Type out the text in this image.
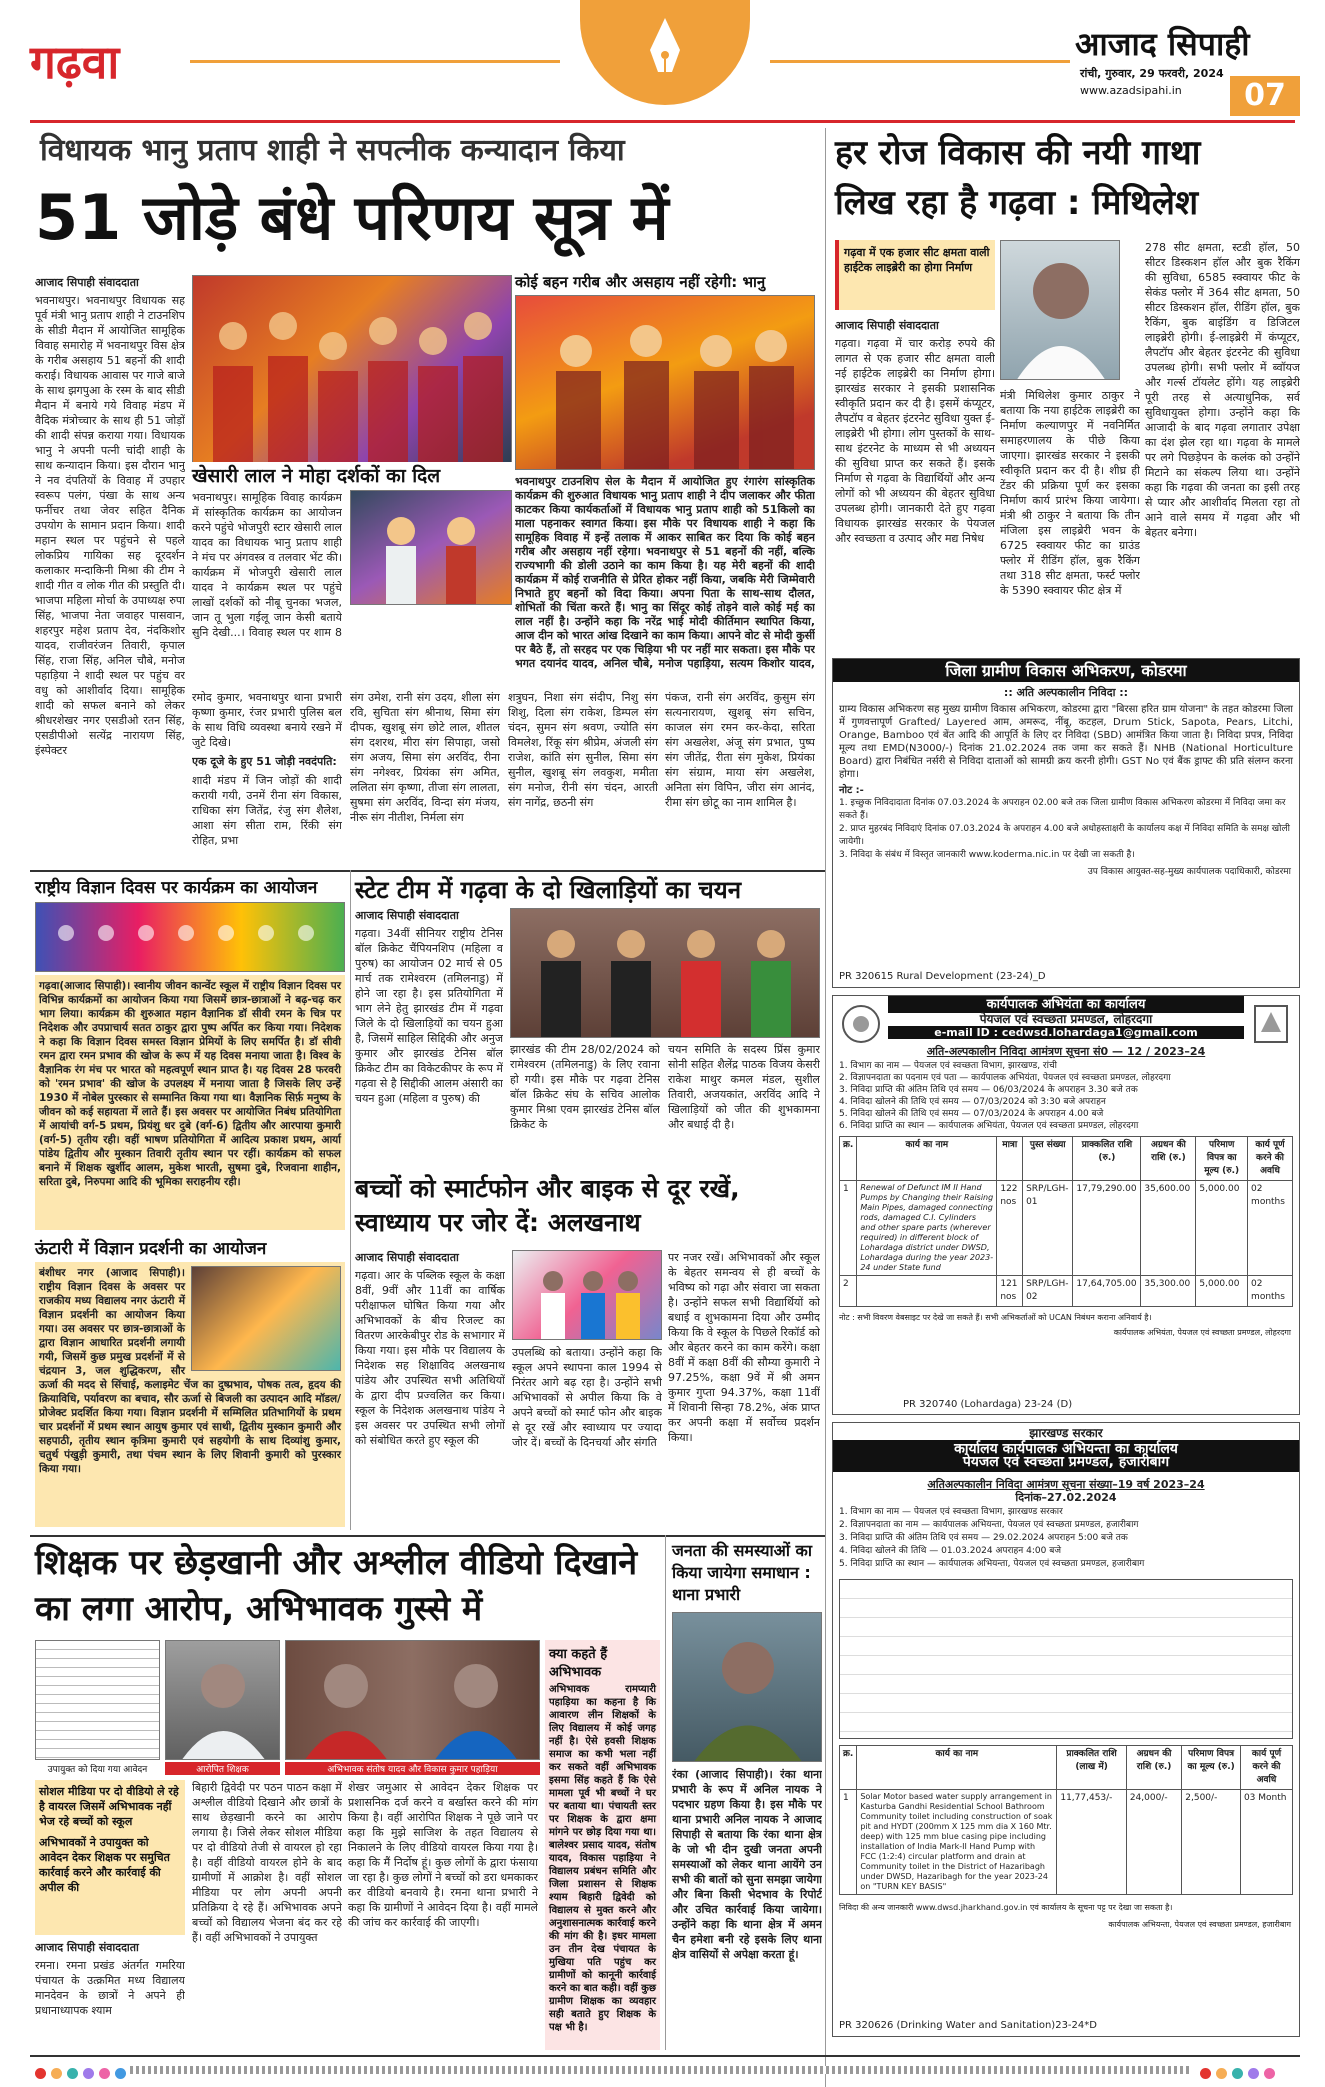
गढ़वा	आजाद सिपाही
रांची, गुरुवार, 29 फरवरी, 2024
www.azadsipahi.in	07
विधायक भानु प्रताप शाही ने सपत्नीक कन्यादान किया
51 जोड़े बंधे परिणय सूत्र में
आजाद सिपाही संवाददाता
भवनाथपुर। भवनाथपुर विधायक सह पूर्व मंत्री भानु प्रताप शाही ने टाउनशिप के सीडी मैदान में आयोजित सामूहिक विवाह समारोह में भवनाथपुर विस क्षेत्र के गरीब असहाय 51 बहनों की शादी कराई। विधायक आवास पर गाजे बाजे के साथ झगपुआ के रस्म के बाद सीडी मैदान में बनाये गये विवाह मंडप में वैदिक मंत्रोच्चार के साथ ही 51 जोड़ों की शादी संपन्न कराया गया। विधायक भानु ने अपनी पत्नी चांदी शाही के साथ कन्यादान किया। इस दौरान भानु ने नव दंपतियों के विवाह में उपहार स्वरूप पलंग, पंखा के साथ अन्य फर्नीचर तथा जेवर सहित दैनिक उपयोग के सामान प्रदान किया। शादी महान स्थल पर पहुंचने से पहले लोकप्रिय गायिका सह दूरदर्शन कलाकार मन्दाकिनी मिश्रा की टीम ने शादी गीत व लोक गीत की प्रस्तुति दी। भाजपा महिला मोर्चा के उपाध्यक्ष रुपा सिंह, भाजपा नेता जवाहर पासवान, शहरपुर महेश प्रताप देव, नंदकिशोर यादव, राजीवरंजन तिवारी, कृपाल सिंह, राजा सिंह, अनिल चौबे, मनोज पहाड़िया ने शादी स्थल पर पहुंच वर वधु को आशीर्वाद दिया। सामूहिक शादी को सफल बनाने को लेकर श्रीधरशेखर नगर एसडीओ रतन सिंह, एसडीपीओ सत्येंद्र नारायण सिंह, इंस्पेक्टर
कोई बहन गरीब और असहाय नहीं रहेगी: भानु
खेसारी लाल ने मोहा दर्शकों का दिल
भवनाथपुर। सामूहिक विवाह कार्यक्रम में सांस्कृतिक कार्यक्रम का आयोजन करने पहुंचे भोजपुरी स्टार खेसारी लाल यादव का विधायक भानु प्रताप शाही ने मंच पर अंगवस्त्र व तलवार भेंट की। कार्यक्रम में भोजपुरी खेसारी लाल यादव ने कार्यक्रम स्थल पर पहुंचे लाखों दर्शकों को नीबू चुनका भजल, जान तू भुला गईलू जान केसी बताये सुनि देखी...। विवाह स्थल पर शाम 8
भवनाथपुर टाउनशिप सेल के मैदान में आयोजित हुए रंगारंग सांस्कृतिक कार्यक्रम की शुरुआत विधायक भानु प्रताप शाही ने दीप जलाकर और फीता काटकर किया कार्यकर्ताओं में विधायक भानु प्रताप शाही को 51किलो का माला पहनाकर स्वागत किया। इस मौके पर विधायक शाही ने कहा कि सामूहिक विवाह में इन्हें तलाक में आकर साबित कर दिया कि कोई बहन गरीब और असहाय नहीं रहेगा। भवनाथपुर से 51 बहनों की नहीं, बल्कि राज्यभागी की डोली उठाने का काम किया है। यह मेरी बहनों की शादी कार्यक्रम में कोई राजनीति से प्रेरित होकर नहीं किया, जबकि मेरी जिम्मेवारी निभाते हुए बहनों को विदा किया। अपना पिता के साथ-साथ दौलत, शोभितों की चिंता करते हैं। भानु का सिंदूर कोई तोड़ने वाले कोई मई का लाल नहीं है। उन्होंने कहा कि नरेंद्र भाई मोदी कीर्तिमान स्थापित किया, आज दीन को भारत आंख दिखाने का काम किया। आपने वोट से मोदी कुर्सी पर बैठे हैं, तो सरहद पर एक चिड़िया भी पर नहीं मार सकता। इस मौके पर भगत दयानंद यादव, अनिल चौबे, मनोज पहाड़िया, सत्यम किशोर यादव,

रमोद कुमार, भवनाथपुर थाना प्रभारी कृष्णा कुमार, रंजर प्रभारी पुलिस बल के साथ विधि व्यवस्था बनाये रखने में जुटे दिखे।

एक दूजे के हुए 51 जोड़ी नवदंपति:

शादी मंडप में जिन जोड़ों की शादी करायी गयी, उनमें रीना संग विकास, राधिका संग जितेंद्र, रंजु संग शैलेश, आशा संग सीता राम, रिंकी संग रोहित, प्रभा

संग उमेश, रानी संग उदय, शीला संग रवि, सुचिता संग श्रीनाथ, सिमा संग दीपक, खुशबू संग छोटे लाल, शीतल संग दशरथ, मीरा संग सिपाहा, जसो संग अजय, सिमा संग अरविंद, रीना संग नगेश्वर, प्रियंका संग अमित, ललिता संग कृष्णा, तीजा संग लालता, सुषमा संग अरविंद, विन्दा संग मंजय, नीरू संग नीतीश, निर्मला संग
शत्रुघन, निशा संग संदीप, निशु संग शिशु, दिला संग राकेश, डिम्पल संग चंदन, सुमन संग श्रवण, ज्योति संग विमलेश, रिंकू संग श्रीप्रेम, अंजली संग राजेश, कांति संग सुनील, सिमा संग सुनील, खुशबू संग लवकुश, ममीता संग मनोज, रीनी संग चंदन, आरती संग नागेंद्र, छठनी संग
पंकज, रानी संग अरविंद, कुसुम संग सत्यनारायण, खुशबू संग सचिन, काजल संग रमन कर-केदा, सरिता संग अखलेश, अंजू संग प्रभात, पुष्प संग जीतेंद्र, रीता संग मुकेश, प्रियंका संग संग्राम, माया संग अखलेश, अनिता संग विपिन, जीरा संग आनंद, रीमा संग छोटू का नाम शामिल है।
हर रोज विकास की नयी गाथा
लिख रहा है गढ़वा : मिथिलेश
गढ़वा में एक हजार सीट क्षमता वाली हाईटेक लाइब्रेरी का होगा निर्माण
आजाद सिपाही संवाददाता
गढ़वा। गढ़वा में चार करोड़ रुपये की लागत से एक हजार सीट क्षमता वाली नई हाईटेक लाइब्रेरी का निर्माण होगा। झारखंड सरकार ने इसकी प्रशासनिक स्वीकृति प्रदान कर दी है। इसमें कंप्यूटर, लैपटॉप व बेहतर इंटरनेट सुविधा युक्त ई-लाइब्रेरी भी होगा। लोग पुस्तकों के साथ-साथ इंटरनेट के माध्यम से भी अध्ययन की सुविधा प्राप्त कर सकते हैं। इसके निर्माण से गढ़वा के विद्यार्थियों और अन्य लोगों को भी अध्ययन की बेहतर सुविधा उपलब्ध होगी। जानकारी देते हुए गढ़वा विधायक झारखंड सरकार के पेयजल और स्वच्छता व उत्पाद और मद्य निषेध
मंत्री मिथिलेश कुमार ठाकुर ने बताया कि नया हाईटेक लाइब्रेरी का निर्माण कल्याणपुर में नवनिर्मित समाहरणालय के पीछे किया जाएगा। झारखंड सरकार ने इसकी स्वीकृति प्रदान कर दी है। शीघ्र ही टेंडर की प्रक्रिया पूर्ण कर इसका निर्माण कार्य प्रारंभ किया जायेगा। मंत्री श्री ठाकुर ने बताया कि तीन मंजिला इस लाइब्रेरी भवन के 6725 स्क्वायर फीट का ग्राउंड फ्लोर में रीडिंग हॉल, बुक रैकिंग तथा 318 सीट क्षमता, फर्स्ट फ्लोर के 5390 स्क्वायर फीट क्षेत्र में
278 सीट क्षमता, स्टडी हॉल, 50 सीटर डिस्कशन हॉल और बुक रैकिंग की सुविधा, 6585 स्क्वायर फीट के सेकंड फ्लोर में 364 सीट क्षमता, 50 सीटर डिस्कशन हॉल, रीडिंग हॉल, बुक रैकिंग, बुक बाइंडिंग व डिजिटल लाइब्रेरी होगी। ई-लाइब्रेरी में कंप्यूटर, लैपटॉप और बेहतर इंटरनेट की सुविधा उपलब्ध होगी। सभी फ्लोर में ब्वॉयज और गर्ल्स टॉयलेट होंगे। यह लाइब्रेरी पूरी तरह से अत्याधुनिक, सर्व सुविधायुक्त होगा। उन्होंने कहा कि आजादी के बाद गढ़वा लगातार उपेक्षा का दंश झेल रहा था। गढ़वा के मामले पर लगे पिछड़ेपन के कलंक को उन्होंने मिटाने का संकल्प लिया था। उन्होंने कहा कि गढ़वा की जनता का इसी तरह से प्यार और आशीर्वाद मिलता रहा तो आने वाले समय में गढ़वा और भी बेहतर बनेगा।
जिला ग्रामीण विकास अभिकरण, कोडरमा
:: अति अल्पकालीन निविदा ::
ग्राम्य विकास अभिकरण सह मुख्य ग्रामीण विकास अभिकरण, कोडरमा द्वारा "बिरसा हरित ग्राम योजना" के तहत कोडरमा जिला में गुणवत्तापूर्ण Grafted/ Layered आम, अमरूद, नींबू, कटहल, Drum Stick, Sapota, Pears, Litchi, Orange, Bamboo एवं बेंत आदि की आपूर्ति के लिए दर निविदा (SBD) आमंत्रित किया जाता है। निविदा प्रपत्र, निविदा मूल्य तथा EMD(N3000/-) दिनांक 21.02.2024 तक जमा कर सकते हैं। NHB (National Horticulture Board) द्वारा निबंधित नर्सरी से निविदा दाताओं को सामग्री क्रय करनी होगी। GST No एवं बैंक ड्राफ्ट की प्रति संलग्न करना होगा।
नोट :-
1. इच्छुक निविदादाता दिनांक 07.03.2024 के अपराहन 02.00 बजे तक जिला ग्रामीण विकास अभिकरण कोडरमा में निविदा जमा कर सकते हैं।
2. प्राप्त मुहरबंद निविदाएं दिनांक 07.03.2024 के अपराहन 4.00 बजे अधोहस्ताक्षरी के कार्यालय कक्ष में निविदा समिति के समक्ष खोली जायेगी।
3. निविदा के संबंध में विस्तृत जानकारी www.koderma.nic.in पर देखी जा सकती है।
उप विकास आयुक्त-सह-मुख्य कार्यपालक पदाधिकारी, कोडरमा
PR 320615 Rural Development (23-24)_D
कार्यपालक अभियंता का कार्यालय
पेयजल एवं स्वच्छता प्रमण्डल, लोहरदगा
e-mail ID : cedwsd.lohardaga1@gmail.com
अति-अल्पकालीन निविदा आमंत्रण सूचना सं0 — 12 / 2023–24
1. विभाग का नाम — पेयजल एवं स्वच्छता विभाग, झारखण्ड, रांची
2. विज्ञापनदाता का पदनाम एवं पता — कार्यपालक अभियंता, पेयजल एवं स्वच्छता प्रमण्डल, लोहरदगा
3. निविदा प्राप्ति की अंतिम तिथि एवं समय — 06/03/2024 के अपराहन 3.30 बजे तक
4. निविदा खोलने की तिथि एवं समय — 07/03/2024 को 3:30 बजे अपराहन
5. निविदा खोलने की तिथि एवं समय — 07/03/2024 के अपराहन 4.00 बजे
6. निविदा प्राप्ति का स्थान — कार्यपालक अभियंता, पेयजल एवं स्वच्छता प्रमण्डल, लोहरदगा
क्र.	कार्य का नाम	मात्रा	पुस्त संख्या	प्राक्कलित राशि (रु.)	अग्रधन की राशि (रु.)	परिमाण विपत्र का मूल्य (रु.)	कार्य पूर्ण करने की अवधि
1	Renewal of Defunct IM II Hand Pumps by Changing their Raising Main Pipes, damaged connecting rods, damaged C.I. Cylinders and other spare parts (wherever required) in different block of Lohardaga district under DWSD, Lohardaga during the year 2023-24 under State fund	122 nos	SRP/LGH-01	17,79,290.00	35,600.00	5,000.00	02 months
2		121 nos	SRP/LGH-02	17,64,705.00	35,300.00	5,000.00	02 months
नोट : सभी विवरण वेबसाइट पर देखे जा सकते हैं। सभी अभिकर्ताओं को UCAN निबंधन कराना अनिवार्य है।
कार्यपालक अभियंता, पेयजल एवं स्वच्छता प्रमण्डल, लोहरदगा
PR 320740 (Lohardaga) 23-24 (D)
झारखण्ड सरकार
कार्यालय कार्यपालक अभियन्ता का कार्यालय
पेयजल एवं स्वच्छता प्रमण्डल, हजारीबाग
अतिअल्पकालीन निविदा आमंत्रण सूचना संख्या–19 वर्ष 2023–24
दिनांक–27.02.2024
1. विभाग का नाम — पेयजल एवं स्वच्छता विभाग, झारखण्ड सरकार
2. विज्ञापनदाता का नाम — कार्यपालक अभियन्ता, पेयजल एवं स्वच्छता प्रमण्डल, हजारीबाग
3. निविदा प्राप्ति की अंतिम तिथि एवं समय — 29.02.2024 अपराहन 5:00 बजे तक
4. निविदा खोलने की तिथि — 01.03.2024 अपराहन 4:00 बजे
5. निविदा प्राप्ति का स्थान — कार्यपालक अभियन्ता, पेयजल एवं स्वच्छता प्रमण्डल, हजारीबाग
क्र.	कार्य का नाम	प्राक्कलित राशि (लाख में)	अग्रधन की राशि (रु.)	परिमाण विपत्र का मूल्य (रु.)	कार्य पूर्ण करने की अवधि
1	Solar Motor based water supply arrangement in Kasturba Gandhi Residential School Bathroom Community toilet including construction of soak pit and HYDT (200mm X 125 mm dia X 160 Mtr. deep) with 125 mm blue casing pipe including installation of India Mark-II Hand Pump with FCC (1:2:4) circular platform and drain at Community toilet in the District of Hazaribagh under DWSD, Hazaribagh for the year 2023-24 on "TURN KEY BASIS"	11,77,453/-	24,000/-	2,500/-	03 Month
निविदा की अन्य जानकारी www.dwsd.jharkhand.gov.in एवं कार्यालय के सूचना पट्ट पर देखा जा सकता है।
कार्यपालक अभियन्ता, पेयजल एवं स्वच्छता प्रमण्डल, हजारीबाग
PR 320626 (Drinking Water and Sanitation)23-24*D
राष्ट्रीय विज्ञान दिवस पर कार्यक्रम का आयोजन
गढ़वा(आजाद सिपाही)। स्वानीय जीवन कान्वेंट स्कूल में राष्ट्रीय विज्ञान दिवस पर विभिन्न कार्यक्रमों का आयोजन किया गया जिसमें छात्र-छात्राओं ने बढ़-चढ़ कर भाग लिया। कार्यक्रम की शुरुआत महान वैज्ञानिक डॉ सीवी रमन के चित्र पर निदेशक और उपप्राचार्य सतत ठाकुर द्वारा पुष्प अर्पित कर किया गया। निदेशक ने कहा कि विज्ञान दिवस समस्त विज्ञान प्रेमियों के लिए समर्पित है। डॉ सीवी रमन द्वारा रमन प्रभाव की खोज के रूप में यह दिवस मनाया जाता है। विश्व के वैज्ञानिक रंग मंच पर भारत को महत्वपूर्ण स्थान प्राप्त है। यह दिवस 28 फरवरी को 'रमन प्रभाव' की खोज के उपलक्ष्य में मनाया जाता है जिसके लिए उन्हें 1930 में नोबेल पुरस्कार से सम्मानित किया गया था। वैज्ञानिक सिर्फ़ मनुष्य के जीवन को कई सहायता में लाते हैं। इस अवसर पर आयोजित निबंध प्रतियोगिता में आयांची वर्ग-5 प्रथम, प्रियंशु धर दुबे (वर्ग-6) द्वितीय और आरपाया कुमारी (वर्ग-5) तृतीय रही। वहीं भाषण प्रतियोगिता में आदित्य प्रकाश प्रथम, आर्या पांडेय द्वितीय और मुस्कान तिवारी तृतीय स्थान पर रहीं। कार्यक्रम को सफल बनाने में शिक्षक खुर्शीद आलम, मुकेश भारती, सुषमा दुबे, रिजवाना शाहीन, सरिता दुबे, निरुपमा आदि की भूमिका सराहनीय रही।
ऊंटारी में विज्ञान प्रदर्शनी का आयोजन
बंशीधर नगर (आजाद सिपाही)। राष्ट्रीय विज्ञान दिवस के अवसर पर राजकीय मध्य विद्यालय नगर ऊंटारी में विज्ञान प्रदर्शनी का आयोजन किया गया। उस अवसर पर छात्र-छात्राओं के द्वारा विज्ञान आधारित प्रदर्शनी लगायी गयी, जिसमें कुछ प्रमुख प्रदर्शनों में से चंद्रयान 3, जल शुद्धिकरण, सौर ऊर्जा की मदद से सिंचाई, कलाइमेट चेंज का दुष्प्रभाव, पोषक तत्व, हृदय की क्रियाविधि, पर्यावरण का बचाव, सौर ऊर्जा से बिजली का उत्पादन आदि मॉडल/प्रोजेक्ट प्रदर्शित किया गया। विज्ञान प्रदर्शनी में सम्मिलित प्रतिभागियों के प्रथम चार प्रदर्शनों में प्रथम स्थान आयुष कुमार एवं साथी, द्वितीय मुस्कान कुमारी और सहपाठी, तृतीय स्थान कृत्रिमा कुमारी एवं सहयोगी के साथ दिव्यांशु कुमार, चतुर्थ पंखुड़ी कुमारी, तथा पंचम स्थान के लिए शिवानी कुमारी को पुरस्कार किया गया।
स्टेट टीम में गढ़वा के दो खिलाड़ियों का चयन
आजाद सिपाही संवाददाता
गढ़वा। 34वीं सीनियर राष्ट्रीय टेनिस बॉल क्रिकेट चैंपियनशिप (महिला व पुरुष) का आयोजन 02 मार्च से 05 मार्च तक रामेश्वरम (तमिलनाडु) में होने जा रहा है। इस प्रतियोगिता में भाग लेने हेतु झारखंड टीम में गढ़वा जिले के दो खिलाड़ियों का चयन हुआ है, जिसमें साहिल सिद्दिकी और अनुज कुमार और झारखंड टेनिस बॉल क्रिकेट टीम का विकेटकीपर के रूप में गढ़वा से है सिद्दीकी आलम अंसारी का चयन हुआ (महिला व पुरुष) की
झारखंड की टीम 28/02/2024 को रामेश्वरम (तमिलनाडु) के लिए रवाना हो गयी। इस मौके पर गढ़वा टेनिस बॉल क्रिकेट संघ के सचिव आलोक कुमार मिश्रा एवम झारखंड टेनिस बॉल क्रिकेट के
चयन समिति के सदस्य प्रिंस कुमार सोनी सहित शैलेंद्र पाठक विजय केसरी राकेश माथुर कमल मंडल, सुशील तिवारी, अजयकांत, अरविंद आदि ने खिलाड़ियों को जीत की शुभकामना और बधाई दी है।
बच्चों को स्मार्टफोन और बाइक से दूर रखें, स्वाध्याय पर जोर दें: अलखनाथ
आजाद सिपाही संवाददाता
गढ़वा। आर के पब्लिक स्कूल के कक्षा 8वीं, 9वीं और 11वीं का वार्षिक परीक्षाफल घोषित किया गया और अभिभावकों के बीच रिजल्ट का वितरण आरकेबीपुर रोड के सभागार में किया गया। इस मौके पर विद्यालय के निदेशक सह शिक्षाविद अलखनाथ पांडेय और उपस्थित सभी अतिथियों के द्वारा दीप प्रज्वलित कर किया। स्कूल के निदेशक अलखनाथ पांडेय ने इस अवसर पर उपस्थित सभी लोगों को संबोधित करते हुए स्कूल की
उपलब्धि को बताया। उन्होंने कहा कि स्कूल अपने स्थापना काल 1994 से निरंतर आगे बढ़ रहा है। उन्होंने सभी अभिभावकों से अपील किया कि वे अपने बच्चों को स्मार्ट फोन और बाइक से दूर रखें और स्वाध्याय पर ज्यादा जोर दें। बच्चों के दिनचर्या और संगति
पर नजर रखें। अभिभावकों और स्कूल के बेहतर समन्वय से ही बच्चों के भविष्य को गढ़ा और संवारा जा सकता है। उन्होंने सफल सभी विद्यार्थियों को बधाई व शुभकामना दिया और उम्मीद किया कि वे स्कूल के पिछले रिकॉर्ड को और बेहतर करने का काम करेंगे। कक्षा 8वीं में कक्षा 8वीं की सौम्या कुमारी ने 97.25%, कक्षा 9वें में श्री अमन कुमार गुप्ता 94.37%, कक्षा 11वीं में शिवानी सिन्हा 78.2%, अंक प्राप्त कर अपनी कक्षा में सर्वोच्च प्रदर्शन किया।
शिक्षक पर छेड़खानी और अश्लील वीडियो दिखाने का लगा आरोप, अभिभावक गुस्से में
उपायुक्त को दिया गया आवेदन	आरोपित शिक्षक	अभिभावक संतोष यादव और विकास कुमार पहाड़िया
सोशल मीडिया पर दो वीडियो ले रहे है वायरल जिसमें अभिभावक नहीं भेज रहे बच्चों को स्कूल
अभिभावकों ने उपायुक्त को आवेदन देकर शिक्षक पर समुचित कार्रवाई करने और कार्रवाई की अपील की
आजाद सिपाही संवाददाता
रमना। रमना प्रखंड अंतर्गत गमरिया पंचायत के उत्क्रमित मध्य विद्यालय मानदेवन के छात्रों ने अपने ही प्रधानाध्यापक श्याम
बिहारी द्विवेदी पर पठन पाठन कक्षा में अश्लील वीडियो दिखाने और छात्रों के साथ छेड़खानी करने का आरोप लगाया है। जिसे लेकर सोशल मीडिया पर दो वीडियो तेजी से वायरल हो रहा है। वहीं वीडियो वायरल होने के बाद ग्रामीणों में आक्रोश है। वहीं सोशल मीडिया पर लोग अपनी अपनी प्रतिक्रिया दे रहे हैं। अभिभावक अपने बच्चों को विद्यालय भेजना बंद कर रहे हैं। वहीं अभिभावकों ने उपायुक्त
शेखर जमुआर से आवेदन देकर शिक्षक पर प्रशासनिक दर्ज करने व बर्खास्त करने की मांग किया है। वहीं आरोपित शिक्षक ने पूछे जाने पर कहा कि मुझे साजिश के तहत विद्यालय से निकालने के लिए वीडियो वायरल किया गया है। कहा कि मैं निर्दोष हूं। कुछ लोगों के द्वारा फंसाया जा रहा है। कुछ लोगों ने बच्चों को डरा धमकाकर कर वीडियो बनवाये है। रमना थाना प्रभारी ने कहा कि ग्रामीणों ने आवेदन दिया है। वहीं मामले की जांच कर कार्रवाई की जाएगी।
क्या कहते हैं अभिभावक
अभिभावक रामप्यारी पहाड़िया का कहना है कि आवारण लीन शिक्षकों के लिए विद्यालय में कोई जगह नहीं है। ऐसे हवसी शिक्षक समाज का कभी भला नहीं कर सकते वहीं अभिभावक इसमा सिंह कहते हैं कि ऐसे मामला पूर्व भी बच्चों ने घर पर बताया था। पंचायती स्तर पर शिक्षक के द्वारा क्षमा मांगने पर छोड़ दिया गया था। बालेश्वर प्रसाद यादव, संतोष यादव, विकास पहाड़िया ने विद्यालय प्रबंधन समिति और जिला प्रशासन से शिक्षक श्याम बिहारी द्विवेदी को विद्यालय से मुक्त करने और अनुशासनात्मक कार्रवाई करने की मांग की है। इधर मामला उन तीन देख पंचायत के मुखिया पति पहुंच कर ग्रामीणों को कानूनी कार्रवाई करने का बात कही। वहीं कुछ ग्रामीण शिक्षक का व्यवहार सही बताते हुए शिक्षक के पक्ष भी है।
जनता की समस्याओं का किया जायेगा समाधान : थाना प्रभारी
रंका (आजाद सिपाही)। रंका थाना प्रभारी के रूप में अनिल नायक ने पदभार ग्रहण किया है। इस मौके पर थाना प्रभारी अनिल नायक ने आजाद सिपाही से बताया कि रंका थाना क्षेत्र के जो भी दीन दुखी जनता अपनी समस्याओं को लेकर थाना आयेंगे उन सभी की बातों को सुना समझा जायेगा और बिना किसी भेदभाव के रिपोर्ट और उचित कार्रवाई किया जायेगा। उन्होंने कहा कि थाना क्षेत्र में अमन चैन हमेशा बनी रहे इसके लिए थाना क्षेत्र वासियों से अपेक्षा करता हूं।
